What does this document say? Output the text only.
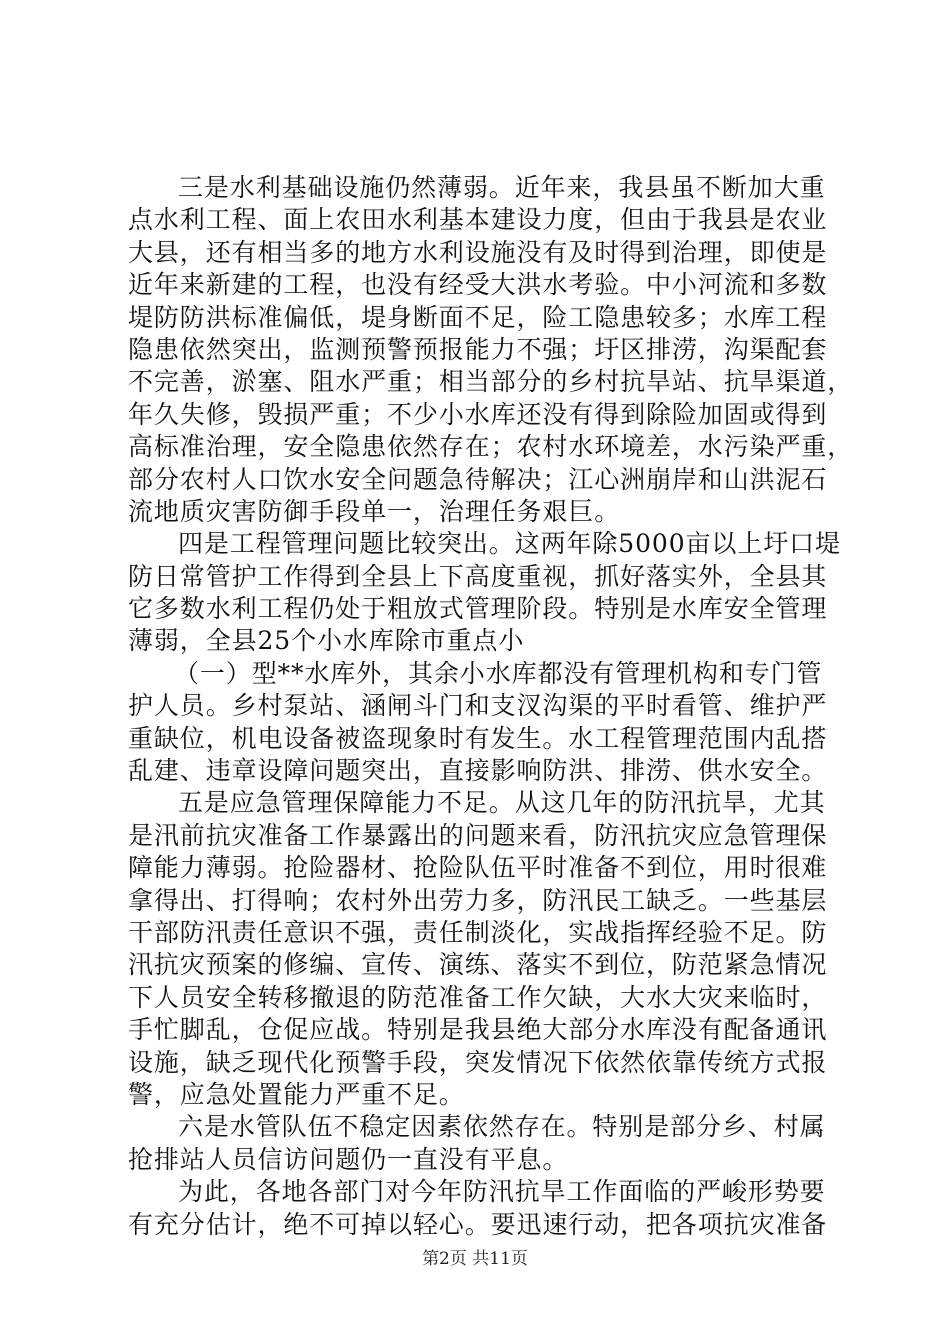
三是水利基础设施仍然薄弱。近年来，我县虽不断加大重
点水利工程、面上农田水利基本建设力度，但由于我县是农业
大县，还有相当多的地方水利设施没有及时得到治理，即使是
近年来新建的工程，也没有经受大洪水考验。中小河流和多数
堤防防洪标准偏低，堤身断面不足，险工隐患较多；水库工程
隐患依然突出，监测预警预报能力不强；圩区排涝，沟渠配套
不完善，淤塞、阻水严重；相当部分的乡村抗旱站、抗旱渠道，
年久失修，毁损严重；不少小水库还没有得到除险加固或得到
高标准治理，安全隐患依然存在；农村水环境差，水污染严重，
部分农村人口饮水安全问题急待解决；江心洲崩岸和山洪泥石
流地质灾害防御手段单一，治理任务艰巨。
四是工程管理问题比较突出。这两年除5000亩以上圩口堤
防日常管护工作得到全县上下高度重视，抓好落实外，全县其
它多数水利工程仍处于粗放式管理阶段。特别是水库安全管理
薄弱，全县25个小水库除市重点小
（一）型**水库外，其余小水库都没有管理机构和专门管
护人员。乡村泵站、涵闸斗门和支汊沟渠的平时看管、维护严
重缺位，机电设备被盗现象时有发生。水工程管理范围内乱搭
乱建、违章设障问题突出，直接影响防洪、排涝、供水安全。
五是应急管理保障能力不足。从这几年的防汛抗旱，尤其
是汛前抗灾准备工作暴露出的问题来看，防汛抗灾应急管理保
障能力薄弱。抢险器材、抢险队伍平时准备不到位，用时很难
拿得出、打得响；农村外出劳力多，防汛民工缺乏。一些基层
干部防汛责任意识不强，责任制淡化，实战指挥经验不足。防
汛抗灾预案的修编、宣传、演练、落实不到位，防范紧急情况
下人员安全转移撤退的防范准备工作欠缺，大水大灾来临时，
手忙脚乱，仓促应战。特别是我县绝大部分水库没有配备通讯
设施，缺乏现代化预警手段，突发情况下依然依靠传统方式报
警，应急处置能力严重不足。
六是水管队伍不稳定因素依然存在。特别是部分乡、村属
抢排站人员信访问题仍一直没有平息。
为此，各地各部门对今年防汛抗旱工作面临的严峻形势要
有充分估计，绝不可掉以轻心。要迅速行动，把各项抗灾准备
第2页 共11页
